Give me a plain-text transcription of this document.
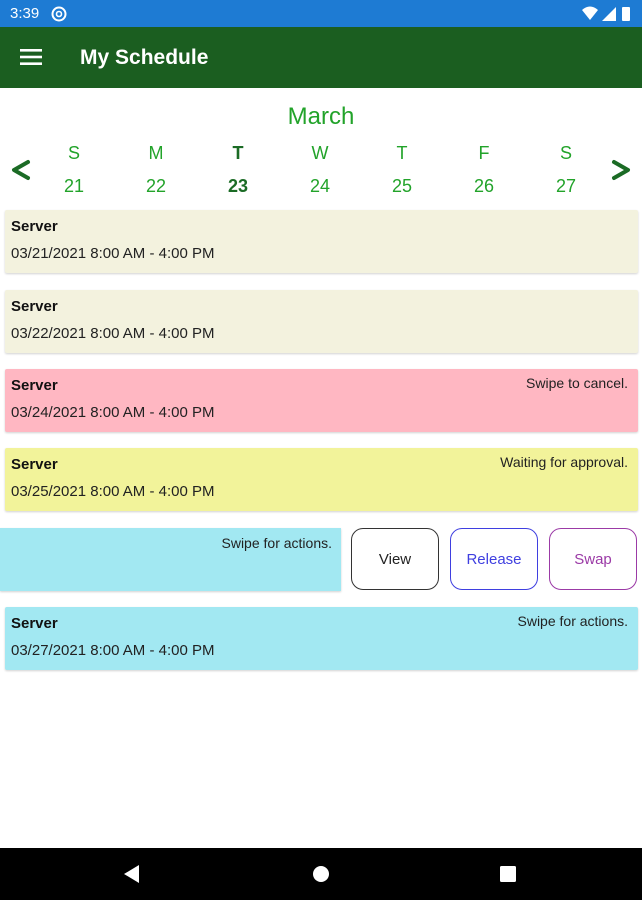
3:39
My Schedule
March
S
21
M
22
T
23
W
24
T
25
F
26
S
27
Server
03/21/2021 8:00 AM - 4:00 PM
Server
03/22/2021 8:00 AM - 4:00 PM
Server	Swipe to cancel.
03/24/2021 8:00 AM - 4:00 PM
Server	Waiting for approval.
03/25/2021 8:00 AM - 4:00 PM
Swipe for actions.
View	Release	Swap
Server	Swipe for actions.
03/27/2021 8:00 AM - 4:00 PM
